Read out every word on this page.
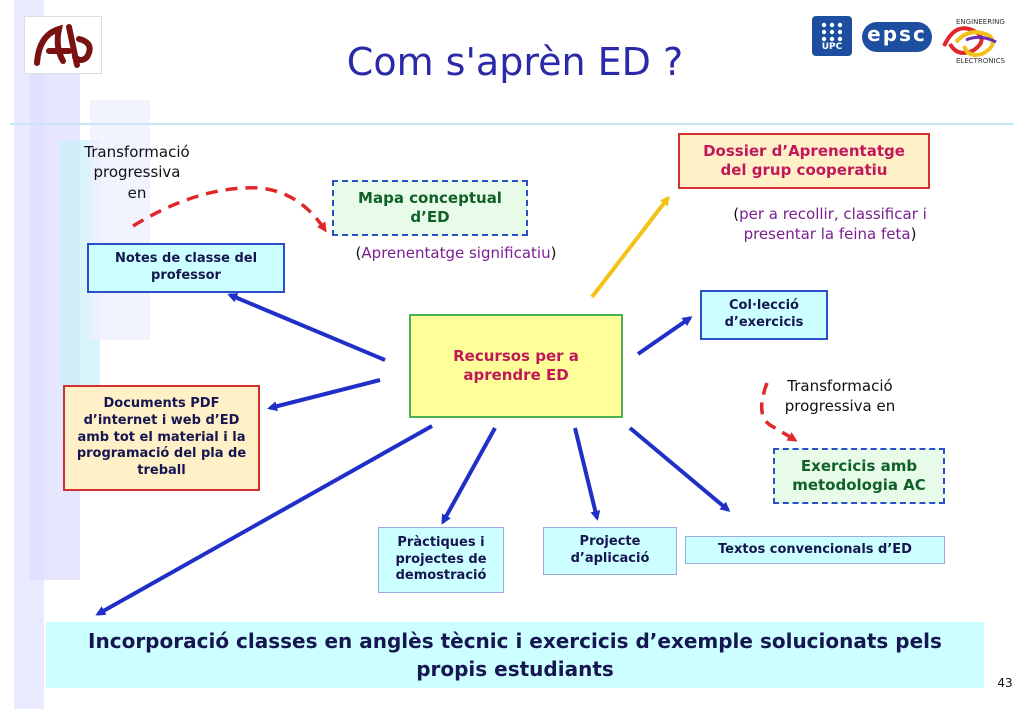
UPC
epsc	ENGINEERING
ELECTRONICS
Com s'aprèn ED ?
Transformació progressiva en
Transformació progressiva en
Recursos per a aprendre ED
Notes de classe del professor
Mapa conceptual d’ED
(Aprenentatge significatiu)
Dossier d’Aprenentatge del grup cooperatiu
(per a recollir, classificar i presentar la feina feta)
Col·lecció d’exercicis
Exercicis amb metodologia AC
Documents PDF d’internet i web d’ED amb tot el material i la programació del pla de treball
Pràctiques i projectes de demostració
Projecte d’aplicació
Textos convencionals d’ED
Incorporació classes en anglès tècnic i exercicis d’exemple solucionats pels propis estudiants
43
